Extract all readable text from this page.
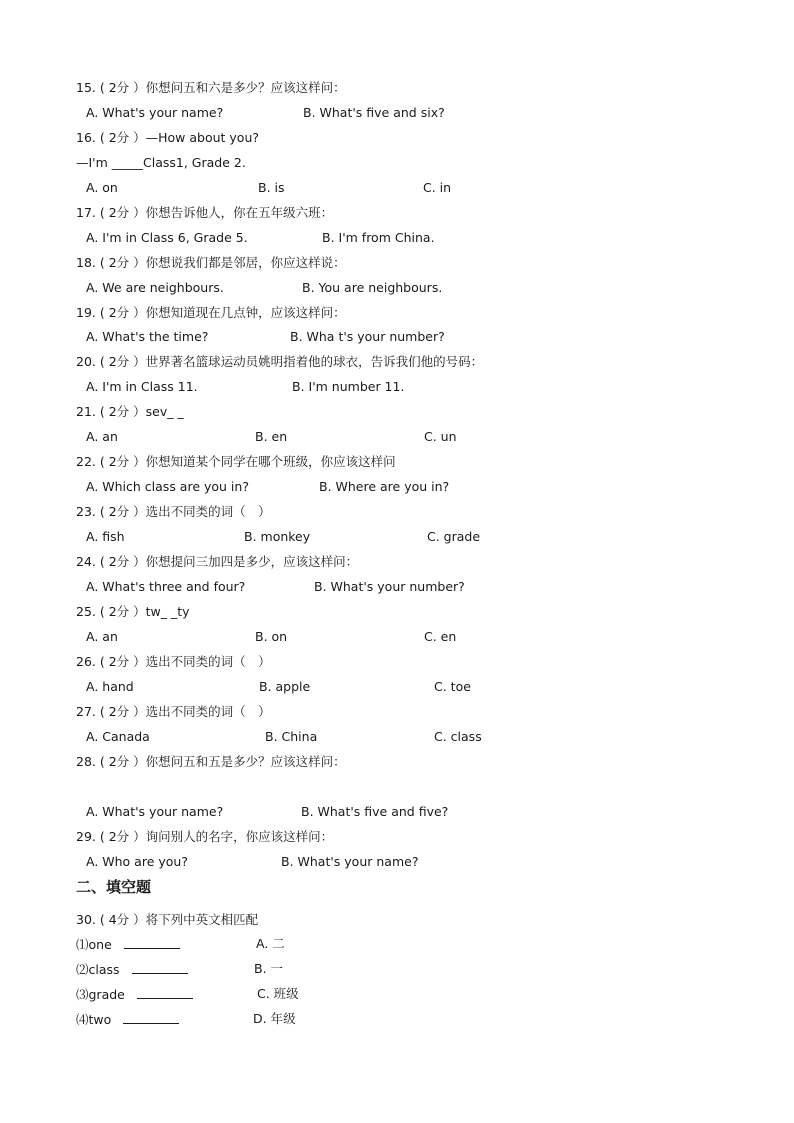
15. ( 2分 ）你想问五和六是多少？应该这样问：
A. What's your name?	B. What's five and six?
16. ( 2分 ）—How about you?
—I'm _____Class1, Grade 2.
A. on	B. is	C. in
17. ( 2分 ）你想告诉他人，你在五年级六班：
A. I'm in Class 6, Grade 5.	B. I'm from China.
18. ( 2分 ）你想说我们都是邻居，你应这样说：
A. We are neighbours.	B. You are neighbours.
19. ( 2分 ）你想知道现在几点钟，应该这样问：
A. What's the time?	B. Wha t's your number?
20. ( 2分 ）世界著名篮球运动员姚明指着他的球衣，告诉我们他的号码：
A. I'm in Class 11.	B. I'm number 11.
21. ( 2分 ）sev_ _
A. an	B. en	C. un
22. ( 2分 ）你想知道某个同学在哪个班级，你应该这样问
A. Which class are you in?	B. Where are you in?
23. ( 2分 ）选出不同类的词（　）
A. fish	B. monkey	C. grade
24. ( 2分 ）你想提问三加四是多少，应该这样问：
A. What's three and four?	B. What's your number?
25. ( 2分 ）tw_ _ty
A. an	B. on	C. en
26. ( 2分 ）选出不同类的词（　）
A. hand	B. apple	C. toe
27. ( 2分 ）选出不同类的词（　）
A. Canada	B. China	C. class
28. ( 2分 ）你想问五和五是多少？应该这样问：
A. What's your name?	B. What's five and five?
29. ( 2分 ）询问别人的名字，你应该这样问：
A. Who are you?	B. What's your name?
二、填空题
30. ( 4分 ）将下列中英文相匹配
⑴one	A. 二
⑵class	B. 一
⑶grade	C. 班级
⑷two	D. 年级
